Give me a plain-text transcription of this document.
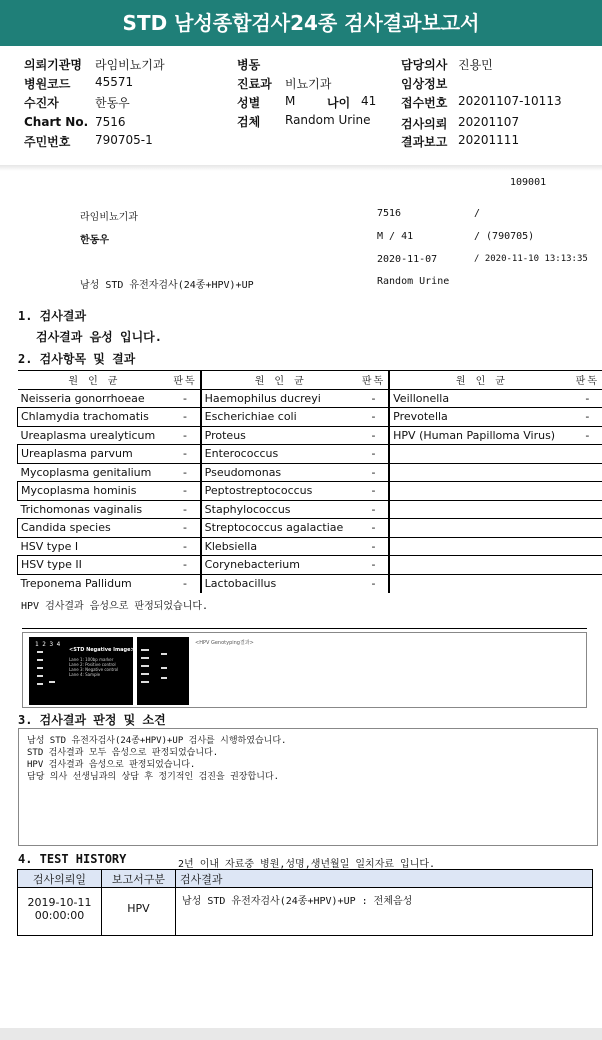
STD 남성종합검사24종 검사결과보고서
의뢰기관명 라임비뇨기과
병원코드 45571
수진자	한동우
Chart No. 7516
주민번호 790705-1
병동
진료과 비뇨기과
성별 M	나이 41
검체 Random Urine
담당의사 진용민
임상정보
접수번호 20201107-10113
검사의뢰 20201107
결과보고 20201111
109001
라임비뇨기과	7516	/
한동우	M / 41	/ (790705)
2020-11-07	/ 2020-11-10 13:13:35
남성 STD 유전자검사(24종+HPV)+UP	Random Urine
1. 검사결과
검사결과 음성 입니다.
2. 검사항목 및 결과
원 인 균	판독	원 인 균	판독	원 인 균	판독
Neisseria gonorrhoeae	-	Haemophilus ducreyi	-	Veillonella	-
Chlamydia trachomatis	-	Escherichiae coli	-	Prevotella	-
Ureaplasma urealyticum	-	Proteus	-	HPV (Human Papilloma Virus)	-
Ureaplasma parvum	-	Enterococcus	-		
Mycoplasma genitalium	-	Pseudomonas	-		
Mycoplasma hominis	-	Peptostreptococcus	-		
Trichomonas vaginalis	-	Staphylococcus	-		
Candida species	-	Streptococcus agalactiae	-		
HSV type I	-	Klebsiella	-		
HSV type II	-	Corynebacterium	-		
Treponema Pallidum	-	Lactobacillus	-		
HPV 검사결과 음성으로 판정되었습니다.
1 2 3 4
<STD Negative Image>
Lane 1: 100bp marker
Lane 2: Positive control
Lane 3: Negative control
Lane 4: Sample
<HPV Genotyping결과>
3. 검사결과 판정 및 소견
남성 STD 유전자검사(24종+HPV)+UP 검사를 시행하였습니다.
STD 검사결과 모두 음성으로 판정되었습니다.
HPV 검사결과 음성으로 판정되었습니다.
담당 의사 선생님과의 상담 후 정기적인 검진을 권장합니다.
4. TEST HISTORY	2년 이내 자료중 병원,성명,생년월일 일치자료 입니다.
검사의뢰일	보고서구분	검사결과
2019-10-11
00:00:00	HPV	남성 STD 유전자검사(24종+HPV)+UP : 전체음성
